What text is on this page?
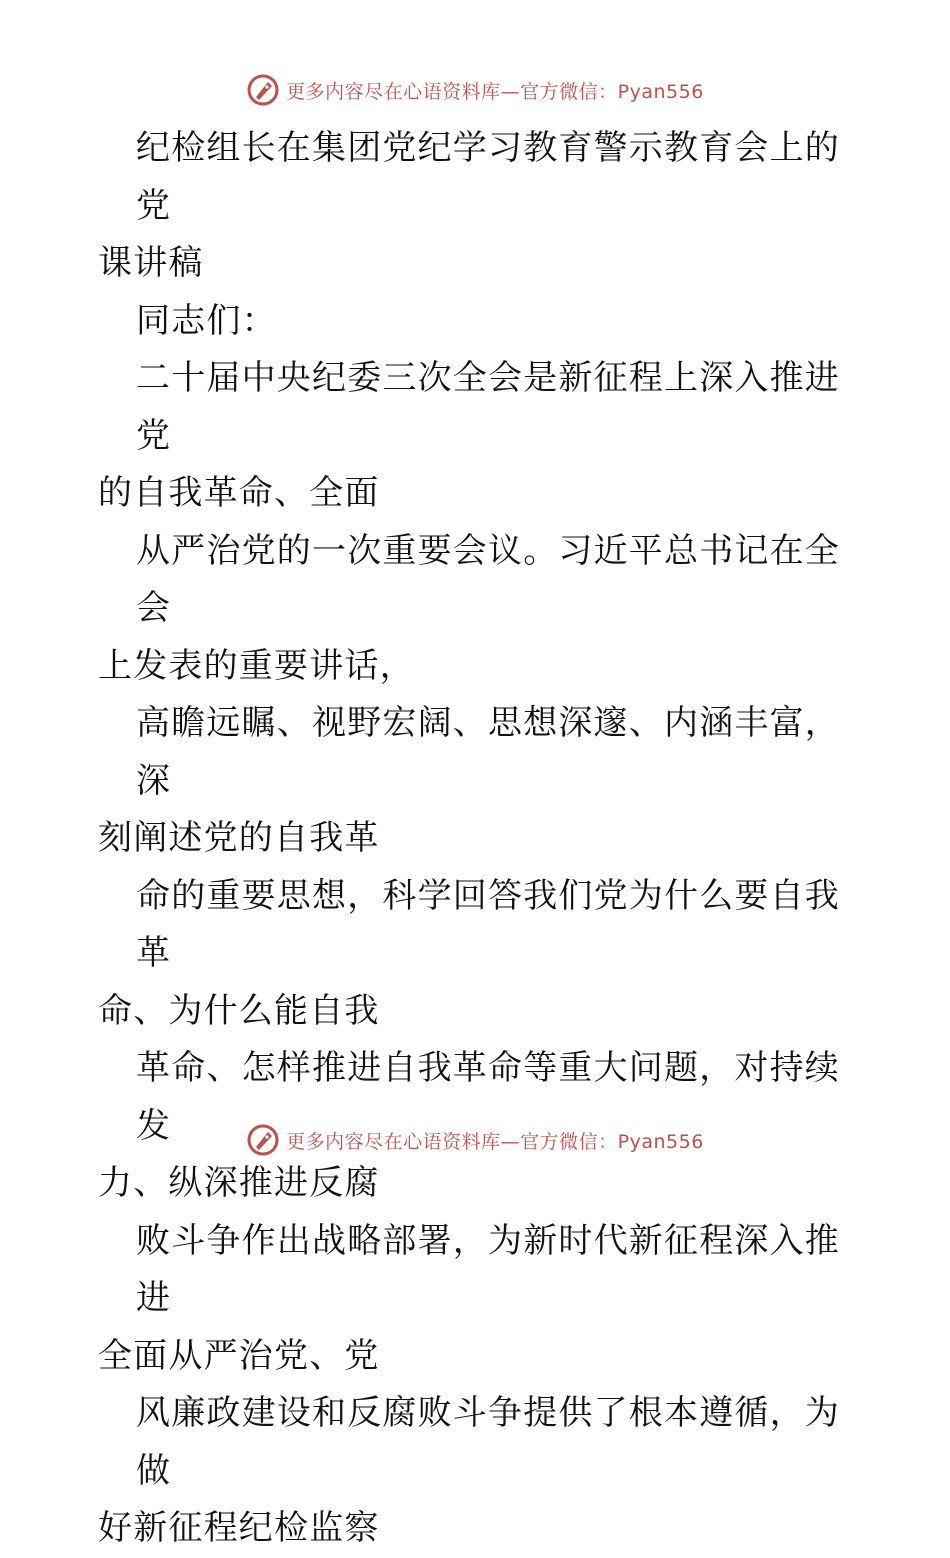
更多内容尽在心语资料库—官方微信：Pyan556

纪检组长在集团党纪学习教育警示教育会上的党
课讲稿

同志们：

二十届中央纪委三次全会是新征程上深入推进党
的自我革命、全面

从严治党的一次重要会议。习近平总书记在全会
上发表的重要讲话，

高瞻远瞩、视野宏阔、思想深邃、内涵丰富，深
刻阐述党的自我革

命的重要思想，科学回答我们党为什么要自我革
命、为什么能自我

革命、怎样推进自我革命等重大问题，对持续发
力、纵深推进反腐

败斗争作出战略部署，为新时代新征程深入推进
全面从严治党、党

风廉政建设和反腐败斗争提供了根本遵循，为做
好新征程纪检监察

更多内容尽在心语资料库—官方微信：Pyan556
